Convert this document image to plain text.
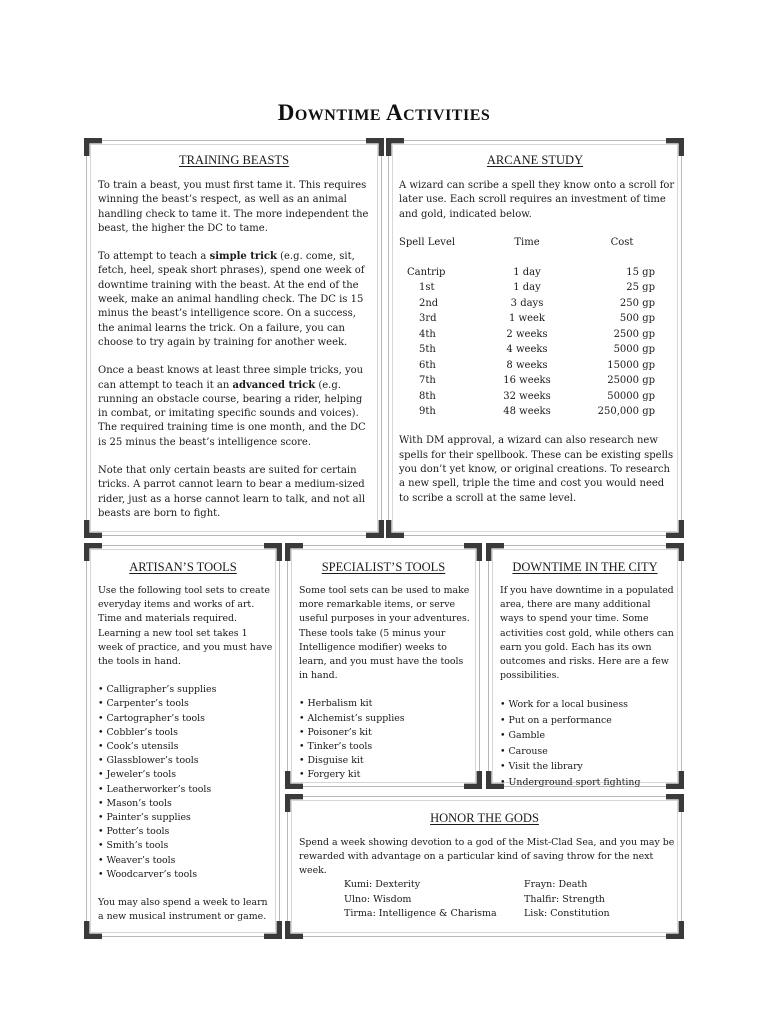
Downtime Activities
TRAINING BEASTS

To train a beast, you must first tame it. This requires winning the beast’s respect, as well as an animal handling check to tame it. The more independent the beast, the higher the DC to tame.

To attempt to teach a simple trick (e.g. come, sit, fetch, heel, speak short phrases), spend one week of downtime training with the beast. At the end of the week, make an animal handling check. The DC is 15 minus the beast’s intelligence score. On a success, the animal learns the trick. On a failure, you can choose to try again by training for another week.

Once a beast knows at least three simple tricks, you can attempt to teach it an advanced trick (e.g. running an obstacle course, bearing a rider, helping in combat, or imitating specific sounds and voices). The required training time is one month, and the DC is 25 minus the beast’s intelligence score.

Note that only certain beasts are suited for certain tricks. A parrot cannot learn to bear a medium-sized rider, just as a horse cannot learn to talk, and not all beasts are born to fight.

ARCANE STUDY

A wizard can scribe a spell they know onto a scroll for later use. Each scroll requires an investment of time and gold, indicated below.

Spell Level	Time	Cost

Cantrip	1 day	15 gp
1st	1 day	25 gp
2nd	3 days	250 gp
3rd	1 week	500 gp
4th	2 weeks	2500 gp
5th	4 weeks	5000 gp
6th	8 weeks	15000 gp
7th	16 weeks	25000 gp
8th	32 weeks	50000 gp
9th	48 weeks	250,000 gp

With DM approval, a wizard can also research new spells for their spellbook. These can be existing spells you don’t yet know, or original creations. To research a new spell, triple the time and cost you would need to scribe a scroll at the same level.

ARTISAN’S TOOLS

Use the following tool sets to create everyday items and works of art. Time and materials required. Learning a new tool set takes 1 week of practice, and you must have the tools in hand.

• Calligrapher’s supplies
• Carpenter’s tools
• Cartographer’s tools
• Cobbler’s tools
• Cook’s utensils
• Glassblower’s tools
• Jeweler’s tools
• Leatherworker’s tools
• Mason’s tools
• Painter’s supplies
• Potter’s tools
• Smith’s tools
• Weaver’s tools
• Woodcarver’s tools

You may also spend a week to learn a new musical instrument or game.

SPECIALIST’S TOOLS

Some tool sets can be used to make more remarkable items, or serve useful purposes in your adventures. These tools take (5 minus your Intelligence modifier) weeks to learn, and you must have the tools in hand.

• Herbalism kit
• Alchemist’s supplies
• Poisoner’s kit
• Tinker’s tools
• Disguise kit
• Forgery kit
DOWNTIME IN THE CITY

If you have downtime in a populated area, there are many additional ways to spend your time. Some activities cost gold, while others can earn you gold. Each has its own outcomes and risks. Here are a few possibilities.

• Work for a local business
• Put on a performance
• Gamble
• Carouse
• Visit the library
• Underground sport fighting
HONOR THE GODS

Spend a week showing devotion to a god of the Mist-Clad Sea, and you may be rewarded with advantage on a particular kind of saving throw for the next week.

Kumi: Dexterity	Frayn: Death
Ulno: Wisdom	Thalfir: Strength
Tirma: Intelligence & Charisma	Lisk: Constitution
